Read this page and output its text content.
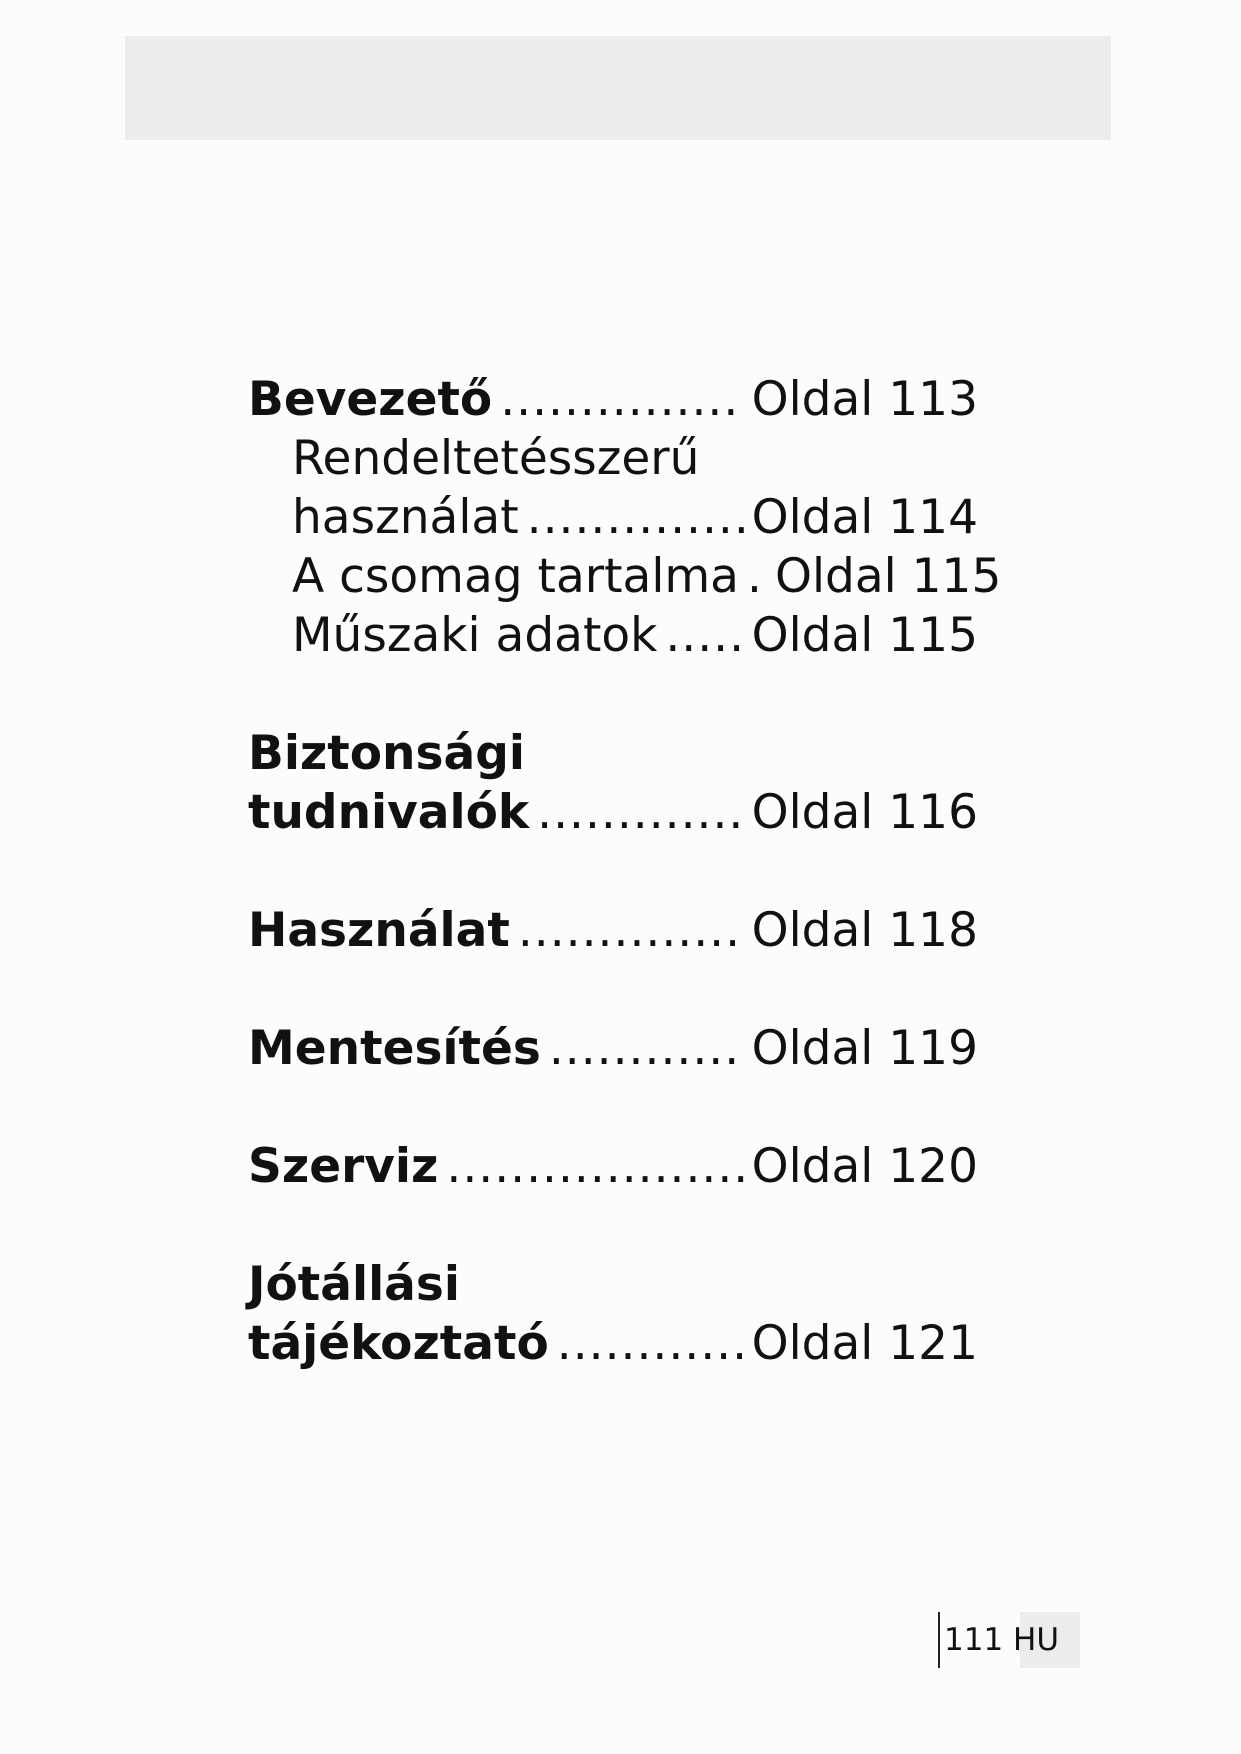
Bevezető .....	Oldal 113
Rendeltetésszerű
használat .....	Oldal 114
A csomag tartalma ..... Oldal 115
Műszaki adatok ..... Oldal 115
Biztonsági
tudnivalók .....	Oldal 116
Használat .....	Oldal 118
Mentesítés .....	Oldal 119
Szerviz .....	Oldal 120
Jótállási
tájékoztató .....	Oldal 121
111 HU
